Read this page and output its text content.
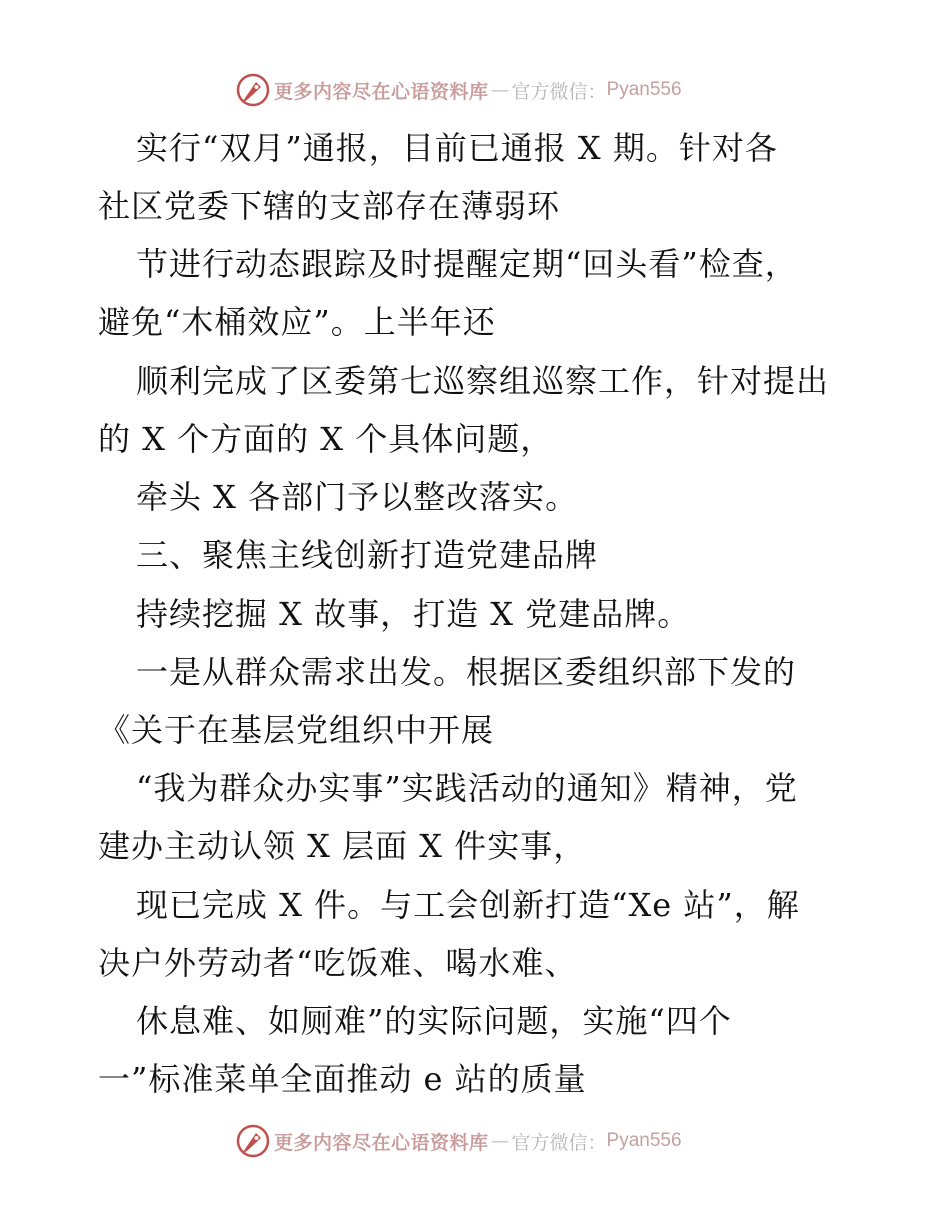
更多内容尽在心语资料库 — 官方微信： Pyan556
实行“双月”通报，目前已通报 X 期。针对各
社区党委下辖的支部存在薄弱环
节进行动态跟踪及时提醒定期“回头看”检查，
避免“木桶效应”。上半年还
顺利完成了区委第七巡察组巡察工作，针对提出
的 X 个方面的 X 个具体问题，
牵头 X 各部门予以整改落实。
三、聚焦主线创新打造党建品牌
持续挖掘 X 故事，打造 X 党建品牌。
一是从群众需求出发。根据区委组织部下发的
《关于在基层党组织中开展
“我为群众办实事”实践活动的通知》精神，党
建办主动认领 X 层面 X 件实事，
现已完成 X 件。与工会创新打造“Xe 站”，解
决户外劳动者“吃饭难、喝水难、
休息难、如厕难”的实际问题，实施“四个
一”标准菜单全面推动 e 站的质量
更多内容尽在心语资料库 — 官方微信： Pyan556
